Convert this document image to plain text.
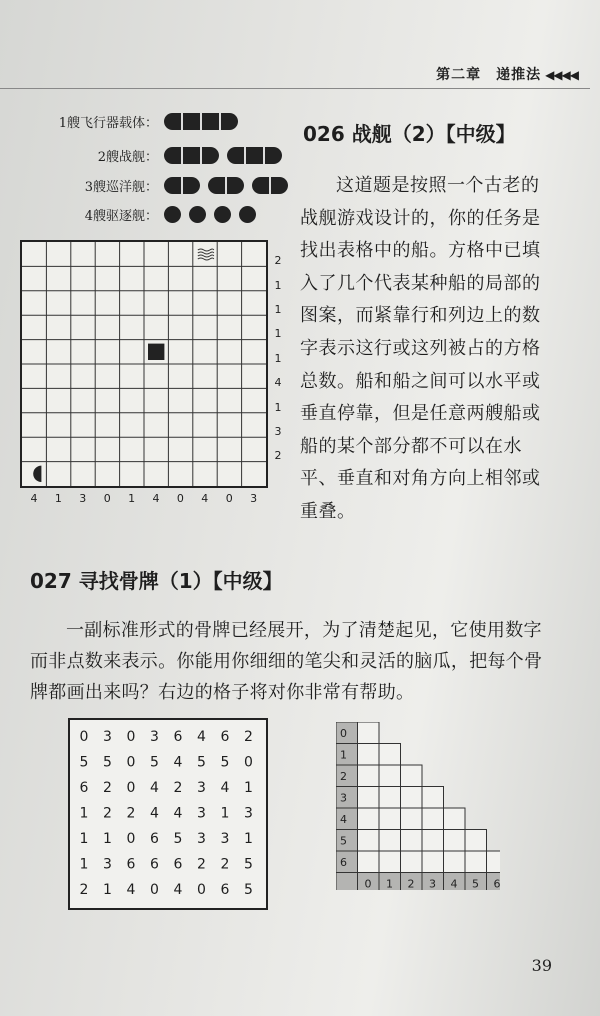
第二章　递推法 ◀◀◀◀
1艘飞行器载体：
2艘战舰：
3艘巡洋舰：
4艘驱逐舰：
2
1
1
1
1
4
1
3
2
4	1	3	0	1	4	0	4	0	3
026 战舰（2）【中级】
这道题是按照一个古老的战舰游戏设计的，你的任务是找出表格中的船。方格中已填入了几个代表某种船的局部的图案，而紧靠行和列边上的数字表示这行或这列被占的方格总数。船和船之间可以水平或垂直停靠，但是任意两艘船或船的某个部分都不可以在水平、垂直和对角方向上相邻或重叠。
027 寻找骨牌（1）【中级】
一副标准形式的骨牌已经展开，为了清楚起见，它使用数字而非点数来表示。你能用你细细的笔尖和灵活的脑瓜，把每个骨牌都画出来吗？右边的格子将对你非常有帮助。
0 3 0 3 6 4 6 2
5 5 0 5 4 5 5 0
6 2 0 4 2 3 4 1
1 2 2 4 4 3 1 3
1 1 0 6 5 3 3 1
1 3 6 6 6 2 2 5
2 1 4 0 4 0 6 5
0
1
2
3
4
5
6
0 1 2 3 4 5 6
39
